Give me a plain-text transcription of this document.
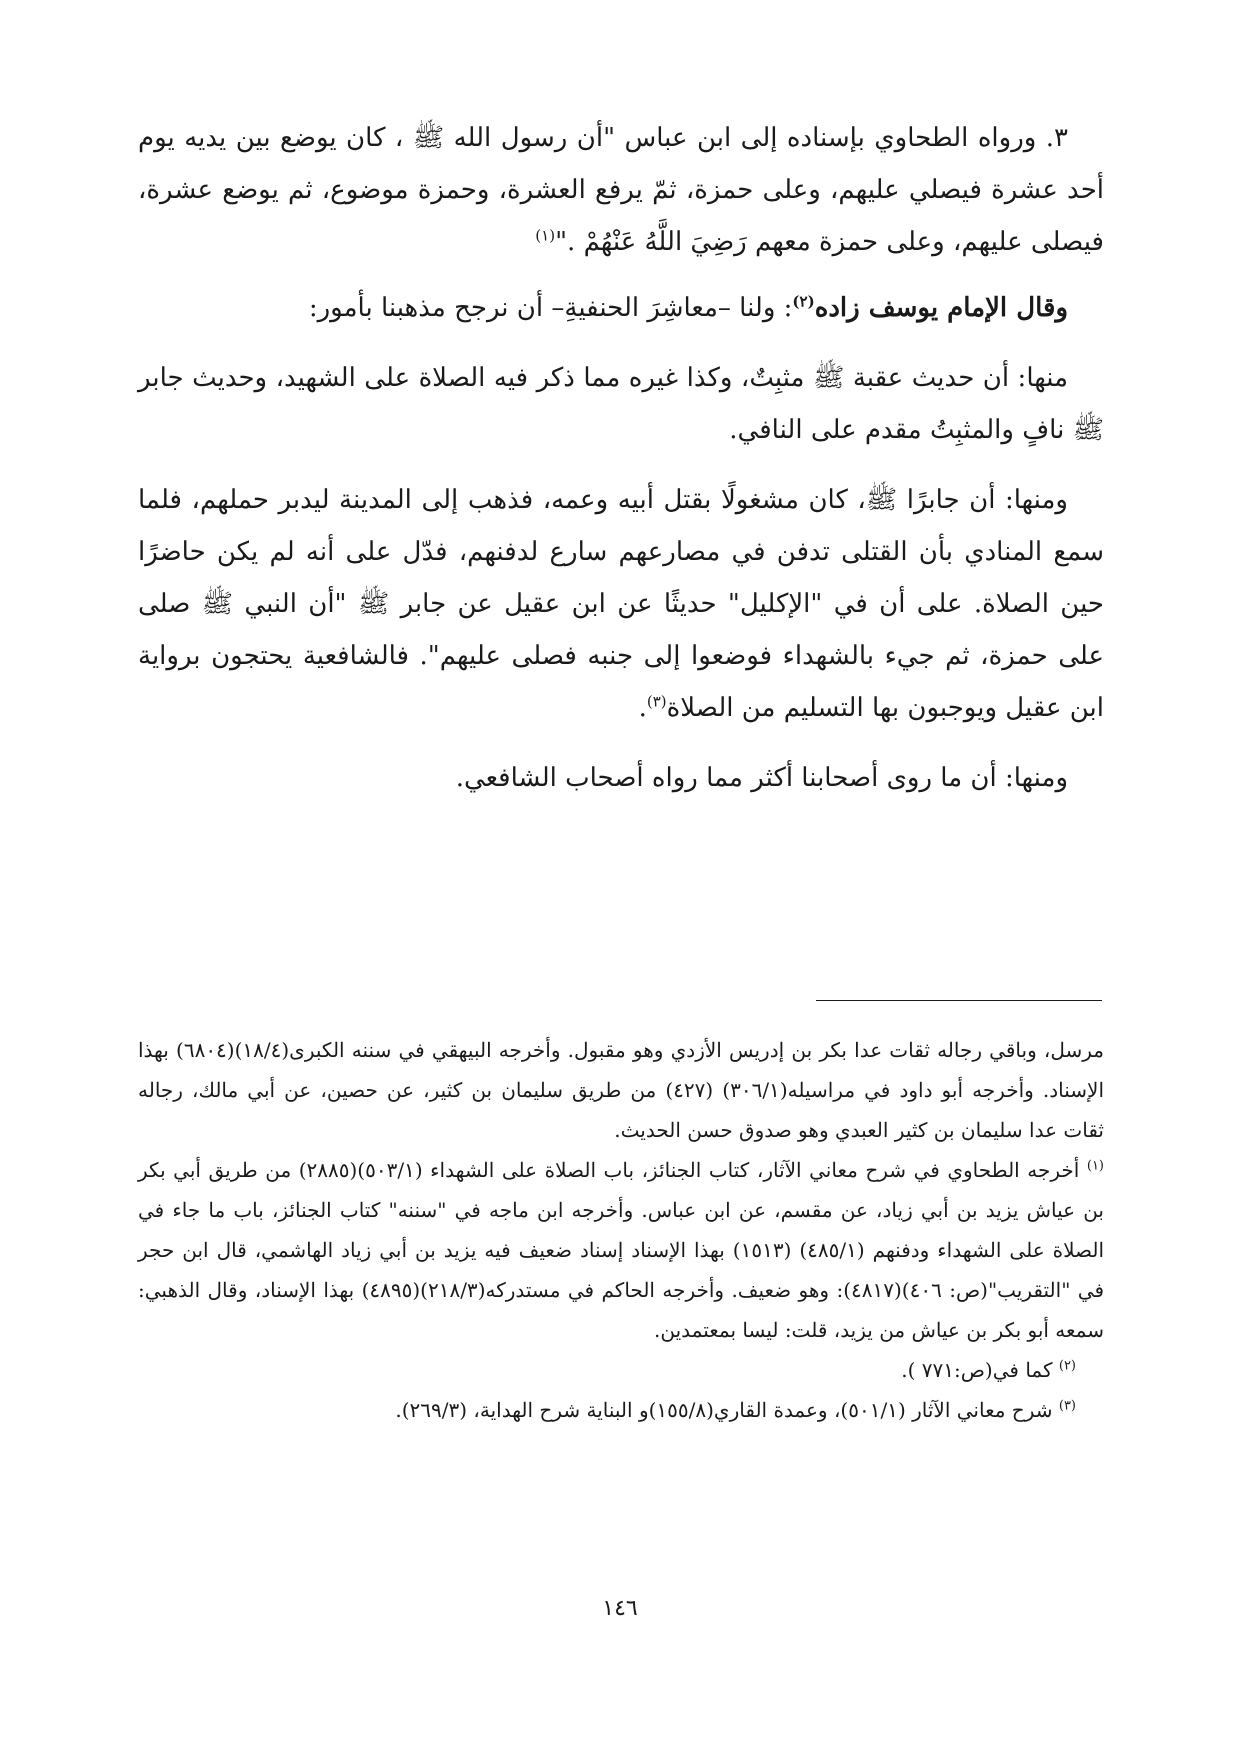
٣. ورواه الطحاوي بإسناده إلى ابن عباس "أن رسول الله ﷺ ، كان يوضع بين يديه يوم أحد عشرة فيصلي عليهم، وعلى حمزة، ثمّ يرفع العشرة، وحمزة موضوع، ثم يوضع عشرة، فيصلى عليهم، وعلى حمزة معهم رَضِيَ اللَّهُ عَنْهُمْ ."$^{(١)}$

وقال الإمام يوسف زاده$^{(٢)}$: ولنا –معاشِرَ الحنفيةِ– أن نرجح مذهبنا بأمور:

منها: أن حديث عقبة ﷺ مثبِتٌ، وكذا غيره مما ذكر فيه الصلاة على الشهيد، وحديث جابر ﷺ نافٍ والمثبِتُ مقدم على النافي.

ومنها: أن جابرًا ﷺ، كان مشغولًا بقتل أبيه وعمه، فذهب إلى المدينة ليدبر حملهم، فلما سمع المنادي بأن القتلى تدفن في مصارعهم سارع لدفنهم، فدّل على أنه لم يكن حاضرًا حين الصلاة. على أن في "الإكليل" حديثًا عن ابن عقيل عن جابر ﷺ "أن النبي ﷺ صلى على حمزة، ثم جيء بالشهداء فوضعوا إلى جنبه فصلى عليهم". فالشافعية يحتجون برواية ابن عقيل ويوجبون بها التسليم من الصلاة$^{(٣)}$.

ومنها: أن ما روى أصحابنا أكثر مما رواه أصحاب الشافعي.

مرسل، وباقي رجاله ثقات عدا بكر بن إدريس الأزدي وهو مقبول. وأخرجه البيهقي في سننه الكبرى(١٨/٤)(٦٨٠٤) بهذا الإسناد. وأخرجه أبو داود في مراسيله(٣٠٦/١) (٤٢٧) من طريق سليمان بن كثير، عن حصين، عن أبي مالك، رجاله ثقات عدا سليمان بن كثير العبدي وهو صدوق حسن الحديث.

$^{(١)}$ أخرجه الطحاوي في شرح معاني الآثار، كتاب الجنائز، باب الصلاة على الشهداء (٥٠٣/١)(٢٨٨٥) من طريق أبي بكر بن عياش يزيد بن أبي زياد، عن مقسم، عن ابن عباس. وأخرجه ابن ماجه في "سننه" كتاب الجنائز، باب ما جاء في الصلاة على الشهداء ودفنهم (٤٨٥/١) (١٥١٣) بهذا الإسناد إسناد ضعيف فيه يزيد بن أبي زياد الهاشمي، قال ابن حجر في "التقريب"(ص: ٤٠٦)(٤٨١٧): وهو ضعيف. وأخرجه الحاكم في مستدركه(٢١٨/٣)(٤٨٩٥) بهذا الإسناد، وقال الذهبي: سمعه أبو بكر بن عياش من يزيد، قلت: ليسا بمعتمدين.

$^{(٢)}$ كما في(ص:٧٧١ ).

$^{(٣)}$ شرح معاني الآثار (٥٠١/١)، وعمدة القاري(١٥٥/٨)و البناية شرح الهداية، (٢٦٩/٣).

١٤٦
